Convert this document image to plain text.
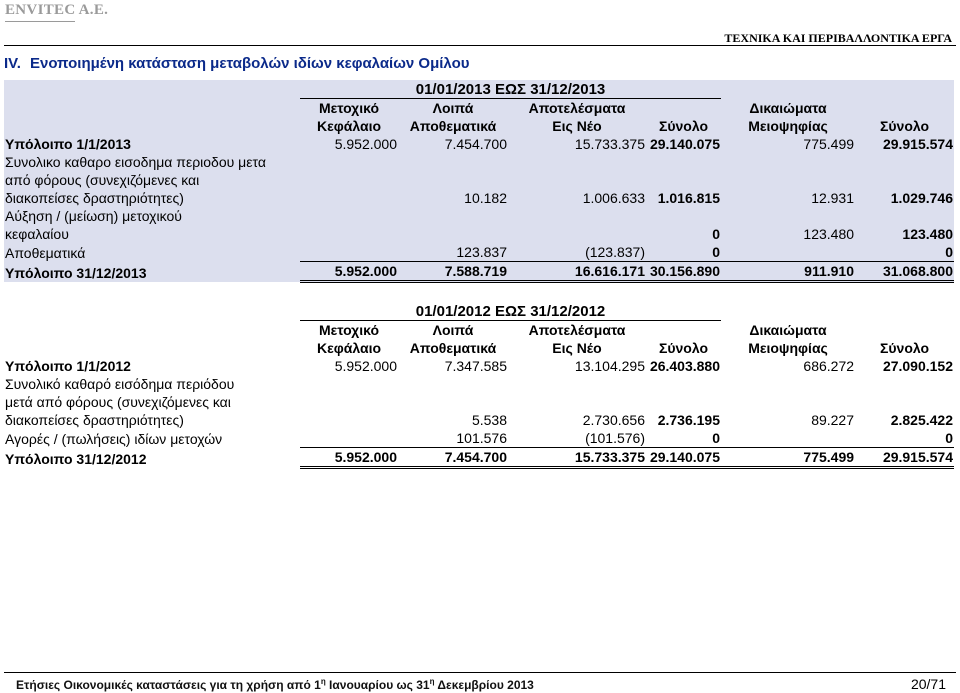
ENVITEC A.E.
ΤΕΧΝΙΚΑ ΚΑΙ ΠΕΡΙΒΑΛΛΟΝΤΙΚΑ ΕΡΓΑ
IV. Ενοποιημένη κατάσταση μεταβολών ιδίων κεφαλαίων Ομίλου
	01/01/2013 ΕΩΣ 31/12/2013					
	Μετοχικό	Λοιπά	Αποτελέσματα	Σύνολο	Δικαιώματα	Σύνολο
	Κεφάλαιο	Αποθεματικά	Εις Νέο		Μειοψηφίας	
Υπόλοιπο 1/1/2013	5.952.000	7.454.700	15.733.375	29.140.075	775.499	29.915.574
Συνολικο καθαρο εισοδημα περιοδου μετα						
από φόρους (συνεχιζόμενες και						
διακοπείσες δραστηριότητες)		10.182	1.006.633	1.016.815	12.931	1.029.746
Αύξηση / (μείωση) μετοχικού						
κεφαλαίου				0	123.480	123.480
Αποθεματικά		123.837	(123.837)	0		0
Υπόλοιπο 31/12/2013	5.952.000	7.588.719	16.616.171	30.156.890	911.910	31.068.800
	01/01/2012 ΕΩΣ 31/12/2012					
	Μετοχικό	Λοιπά	Αποτελέσματα	Σύνολο	Δικαιώματα	Σύνολο
	Κεφάλαιο	Αποθεματικά	Εις Νέο		Μειοψηφίας	
Υπόλοιπο 1/1/2012	5.952.000	7.347.585	13.104.295	26.403.880	686.272	27.090.152
Συνολικό καθαρό εισόδημα περιόδου						
μετά από φόρους (συνεχιζόμενες και						
διακοπείσες δραστηριότητες)		5.538	2.730.656	2.736.195	89.227	2.825.422
Αγορές / (πωλήσεις) ιδίων μετοχών		101.576	(101.576)	0		0
Υπόλοιπο 31/12/2012	5.952.000	7.454.700	15.733.375	29.140.075	775.499	29.915.574
Ετήσιες Οικονομικές καταστάσεις για τη χρήση από $1^\eta$ Ιανουαρίου ως $31^\eta$ Δεκεμβρίου 2013	20/71
